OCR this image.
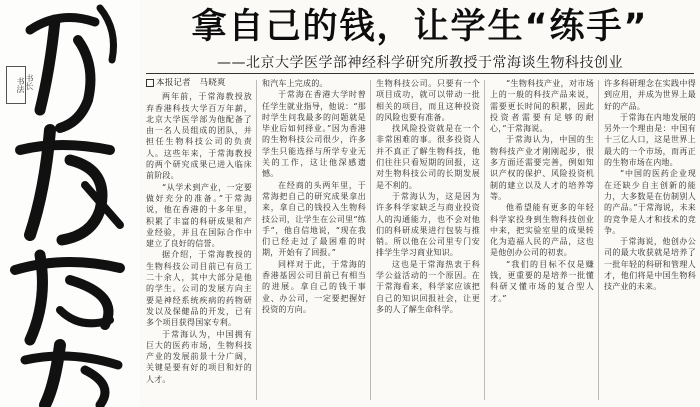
书法 书长
拿自己的钱，让学生“练手”
——北京大学医学部神经科学研究所教授于常海谈生物科技创业

本报记者　马晓爽

两年前，于常海教授放弃香港科技大学百万年薪，北京大学医学部为他配备了由一名人员组成的团队，并担任生物科技公司的负责人。这些年来，于常海教授的两个研究成果已进入临床前阶段。

“从学术到产业，一定要做好充分的准备。”于常海说，他在香港的十多年里，积累了丰富的科研成果和产业经验，并且在国际合作中建立了良好的信誉。

据介绍，于常海教授的生物科技公司目前已有员工二十余人，其中大部分是他的学生。公司的发展方向主要是神经系统疾病的药物研发以及保健品的开发，已有多个项目获得国家专利。

于常海认为，中国拥有巨大的医药市场，生物科技产业的发展前景十分广阔，关键是要有好的项目和好的人才。

和汽车上完成的。

于常海在香港大学时曾任学生就业指导，他说：“那时学生问我最多的问题就是毕业后如何择业。”因为香港的生物科技公司很少，许多学生只能选择与所学专业无关的工作，这让他深感遗憾。

在经商的头两年里，于常海把自己的研究成果拿出来，拿自己的钱投入生物科技公司，让学生在公司里“练手”，他自信地说，“现在我们已经走过了最困难的时期，开始有了回报。”

同样对于此，于常海的香港基因公司目前已有相当的进展。拿自己的钱干事业、办公司，一定要把握好投资的方向。

生物科技公司。只要有一个项目成功，就可以带动一批相关的项目，而且这种投资的风险也要有准备。

找风险投资就是在一个非常困难的事。很多投资人并不真正了解生物科技，他们往往只看短期的回报，这对生物科技公司的长期发展是不利的。

于常海认为，这是因为许多科学家缺乏与商业投资人的沟通能力，也不会对他们的科研成果进行包装与推销。所以他在公司里专门安排学生学习商业知识。

这也是于常海热衷于科学公益活动的一个原因。在于常海看来，科学家应该把自己的知识回报社会，让更多的人了解生命科学。

“生物科技产业，对市场上的一般的科技产品来说，需要更长时间的积累，因此投资者需要有足够的耐心，”于常海说。

于常海认为，中国的生物科技产业才刚刚起步，很多方面还需要完善，例如知识产权的保护、风险投资机制的建立以及人才的培养等等。

他希望能有更多的年轻科学家投身到生物科技创业中来，把实验室里的成果转化为造福人民的产品，这也是他创办公司的初衷。

“我们的目标不仅是赚钱，更重要的是培养一批懂科研又懂市场的复合型人才。”

许多科研理念在实践中得到应用，并成为世界上最好的产品。

于常海在内地发展的另外一个理由是：中国有十三亿人口，这是世界上最大的一个市场，而再正的生物市场在内地。

“中国的医药企业现在还缺少自主创新的能力，大多数是在仿制别人的产品。”于常海说，未来的竞争是人才和技术的竞争。

于常海说，他创办公司的最大收获就是培养了一批年轻的科研和管理人才，他们将是中国生物科技产业的未来。
